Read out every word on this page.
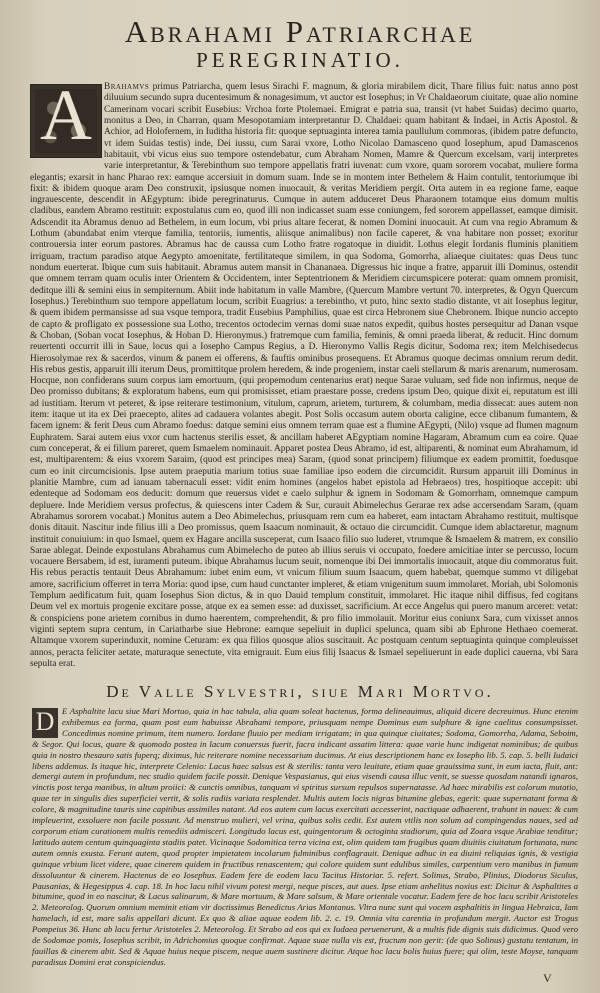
Abrahami Patriarchae
PEREGRINATIO.
A	Brahamvs primus Patriarcha, quem Iesus Sirachi F. magnum, & gloria mirabilem dicit, Thare filius fuit: natus anno post diluuium secundo supra ducentesimum & nonagesimum, vt auctor est Iosephus; in Vr Chaldaeorum ciuitate, quae alio nomine Camerinam vocari scribit Eusebius: Vrchoa forte Ptolemaei. Emigrat e patria sua, transit (vt habet Suidas) decimo quarto, monitus a Deo, in Charran, quam Mesopotamiam interpretantur D. Chaldaei: quam habitant & Indaei, in Actis Apostol. & Achior, ad Holofernem, in Iuditha historia fit: quoque septuaginta interea tamia paullulum commoras, (ibidem patre defuncto, vt idem Suidas testis) inde, Dei iussu, cum Sarai vxore, Lotho Nicolao Damasceno quod Iosephum, apud Damascenos habitauit, vbi vicus eius suo tempore ostendebatur, cum Abraham Nomen, Mamre & Quercum excelsam, varij interpretes varie interpretantur, & Terebinthum suo tempore appellatis fratri iuvenat: cum vxore, quam sororem vocabat, muliere forma elegantis; exarsit in hanc Pharao rex: eamque accersiuit in domum suam. Inde se in montem inter Bethelem & Haim contulit, tentoriumque ibi fixit: & ibidem quoque aram Deo construxit, ipsiusque nomen inuocauit, & veritas Meridiem pergit. Orta autem in ea regione fame, eaque ingrauescente, descendit in AEgyptum: ibide peregrinaturus. Cumque in autem adduceret Deus Pharaonem totamque eius domum multis cladibus, eandem Abramo restituit: expostulatus cum eo, quod illi non indicasset suam esse coniungem, fed sororem appellasset, eamque dimisit. Adscendit ita Abramus denuo ad Bethelem, in eum locum, vbi prius altare fecerat, & nomen Domini inuocauit. At cum vna regio Abramum & Lothum (abundabat enim vterque familia, tentoriis, iumentis, aliisque animalibus) non facile caperet, & vna habitare non posset; exoritur controuersia inter eorum pastores. Abramus hac de caussa cum Lotho fratre rogatoque in diuidit. Lothus elegit Iordanis fluminis planitiem irriguam, tractum paradiso atque Aegypto amoenitate, fertilitateque similem, in qua Sodoma, Gomorrha, aliaeque ciuitates: quas Deus tunc nondum euerterat. Ibique cum suis habitauit. Abramus autem mansit in Chananaea. Digressus hic inque a fratre, apparuit illi Dominus, ostendit que omnem terram quam oculis inter Orientem & Occidentem, inter Septentrionem & Meridiem circumspicere poterat: quam omnem promisit, deditque illi & semini eius in sempiternum. Abiit inde habitatum in valle Mambre, (Quercum Mambre vertunt 70. interpretes, & Ogyn Quercum Iosephus.) Terebinthum suo tempore appellatum locum, scribit Euagrius: a terebintho, vt puto, hinc sexto stadio distante, vt ait Iosephus legitur, & quem ibidem permansisse ad sua vsque tempora, tradit Eusebius Pamphilius, quae est circa Hebronem siue Chebronem. Ibique nuncio accepto de capto & profligato ex possessione sua Lotho, trecentos octodecim vernas domi suae natos expedit, quibus hostes persequitur ad Danan vsque & Choban, (Soban vocat Iosephus, & Hoban D. Hieronymus.) fratremque cum familia, feminis, & omni praeda liberat, & reducit. Hinc domum reuertenti occurrit illi in Saue, locus qui a Iosepho Campus Regius, a D. Hieronymo Vallis Regis dicitur, Sodoma rex; item Melchisedecus Hierosolymae rex & sacerdos, vinum & panem ei offerens, & fauftis ominibus prosequens. Et Abramus quoque decimas omnium rerum dedit. His rebus gestis, apparuit illi iterum Deus, promittitque prolem heredem, & inde progeniem, instar caeli stellarum & maris arenarum, numerosam. Hocque, non confiderans suum corpus iam emortuum, (qui propemodum centenarius erat) neque Sarae vuluam, sed fide non infirmus, neque de Deo promisso dubitans; & exploratum habens, eum qui promisisset, etiam praestare posse, credens ipsum Deo, quique dixit ei, reputatum est illi ad iustitiam. Iterum vt peteret, & ipse reiterare testimonium, vitulum, caprum, arietem, turturem, & columbam, media dissecat: aues autem non item: itaque ut ita ex Dei praecepto, alites ad cadauera volantes abegit. Post Solis occasum autem oborta caligine, ecce clibanum fumantem, & facem ignem: & ferit Deus cum Abramo foedus: datque semini eius omnem terram quae est a flumine AEgypti, (Nilo) vsque ad flumen magnum Euphratem. Sarai autem eius vxor cum hactenus sterilis esset, & ancillam haberet AEgyptiam nomine Hagaram, Abramum cum ea coire. Quae cum conceperat, & ei filium pareret, quem Ismaelem nominauit. Apparet postea Deus Abramo, id est, altiparenti, & nominat eum Abrahamum, id est, multiparentem: & eius vxorem Saraim, (quod est principes mea) Saram, (quod sonat principem) filiumque ex eadem promittit, foedusque cum eo init circumcisionis. Ipse autem praeputia marium totius suae familiae ipso eodem die circumcidit. Rursum apparuit illi Dominus in planitie Mambre, cum ad ianuam tabernaculi esset: vidit enim homines (angelos habet epistola ad Hebraeos) tres, hospitioque accepit: ubi edenteque ad Sodomam eos deducit: domum que reuersus videt e caelo sulphur & ignem in Sodomam & Gomorrham, omnemque campum depluere. Inde Meridiem versus profectus, & quiescens inter Cadem & Sur, curauit Abimelechus Gerarae rex adse accersendam Saram, (quam Abrahamus sororem vocabat.) Monitus autem a Deo Abimelechus, priusquam rem cum ea haberet, eam intactam Abrahamo restituit, multisque donis ditauit. Nascitur inde filius illi a Deo promissus, quem Isaacum nominauit, & octauo die circumcidit. Cumque idem ablactaretur, magnum instituit conuiuium: in quo Ismael, quem ex Hagare ancilla susceperat, cum Isaaco filio suo luderet, vtrumque & Ismaelem & matrem, ex consilio Sarae ablegat. Deinde expostulans Abrahamus cum Abimelecho de puteo ab illius seruis vi occupato, foedere amicitiae inter se percusso, locum vocauere Bersabem, id est, iuramenti puteum. ibique Abrahamus lucum seuit, nomenque ibi Dei immortalis inuocauit, atque diu commoratus fuit. His rebus peractis tentauit Deus Abrahamum: iubet enim eum, vt vnicum filium suum Isaacum, quem habebat, quemque summo vt diligebat amore, sacrificium offerret in terra Moria: quod ipse, cum haud cunctanter impleret, & etiam vnigenitum suum immolaret. Moriah, ubi Solomonis Templum aedificatum fuit, quam Iosephus Sion dictus, & in quo Dauid templum constituit, immolaret. Hic itaque nihil diffisus, fed cogitans Deum vel ex mortuis progenie excitare posse, atque ex ea semen esse: ad duxisset, sacrificium. At ecce Angelus qui puero manum arceret: vetat: & conspiciens pone arietem cornibus in dumo haerentem, comprehendit, & pro filio immolauit. Moritur eius coniunx Sara, cum vixisset annos viginti septem supra centum, in Cariatharbe siue Hebrone: eamque sepeliuit in duplici spelunca, quam sibi ab Ephrone Hethaeo coemerat. Altamque vxorem superinduxit, nomine Ceturam: ex qua filios quosque alios suscitauit. Ac postquam centum septuaginta quinque compleuisset annos, peracta feliciter aetate, maturaque senectute, vita emigrauit. Eum eius filij Isaacus & Ismael sepeliuerunt in eade duplici cauerna, vbi Sara sepulta erat.
De Valle Sylvestri, siue Mari Mortvo.
D E Asphaltite lacu siue Mari Mortuo, quia in hac tabula, alia quam soleat hactenus, forma delineauimus, aliquid dicere decreuimus. Hunc etenim exhibemus ea forma, quam post eum habuisse Abrahami tempore, priusquam nempe Dominus eum sulphure & igne caelitus consumpsisset. Concedimus nomine primum, item numero. Iordane fluuio per mediam irrigatam; in qua quinque ciuitates; Sodoma, Gomorrha, Adama, Seboim, & Segor. Qui locus, quare & quomodo postea in lacum conuersus fuerit, facra indicant assatim littera: quae varie hunc indigetat nominibus; de quibus quia in nostro thesauro satis fuperq; diximus, hic reiterare nomine necessarium ducimus. At eius descriptionem hanc ex Iosepho lib. 5. cap. 5. belli Iudaici libens addemus. Is itaque hic, interprete Celenio: Lacus haec salsus est & sterilis: tanta vero leuitate, etiam quae grauissima sunt, in eum iacta, fluit, ant: demergi autem in profundum, nec studio quidem facile possit. Denique Vespasianus, qui eius visendi causa illuc venit, se suesse quosdam natandi ignaros, vinctis post terga manibus, in altum proiici: & cunctis omnibus, tanquam vi spiritus sursum repulsos supernatasse. Ad haec mirabilis est colorum mutatio, quae ter in singulis dies superficiei vertit, & solis radiis variata resplendet. Multis autem locis nigras bitumine glebas, egerit: quae supernatant forma & colore, & magnitudine tauris sine capitibus assimiles natant. Ad eos autem cum lacus exercitati accesserint, nactiquae adhaerent, trahunt in naues: & cum impleuerint, exsoluere non facile possunt. Ad menstruo mulieri, vel vrina, quibus solis cedit. Est autem vtilis non solum ad compingendas naues, sed ad corporum etiam curationem multis remediis admisceri. Longitudo lacus est, quingentorum & octoginta stadiorum, quia ad Zoara vsque Arabiae tenditur; latitudo autem centum quinquaginta stadiis patet. Vicinaque Sodomitica terra vicina est, olim quidem tam frugibus quam diuitiis ciuitatum fortunata, nunc autem omnis exusta. Ferunt autem, quod propter impietatem incolarum fulminibus conflagrauit. Denique adhuc in ea diuini reliquias ignis, & vestigia quinque vrbium licet videre, quae cinerem quidem in fructibus renascentem; qui colore quidem sunt edulibus similes, carpentium vero manibus in fumum dissoluuntur & cinerem. Hactenus de eo Iosephus. Eadem fere de eodem lacu Tacitus Historiar. 5. refert. Solinus, Strabo, Plinius, Diodorus Siculus, Pausanias, & Hegesippus 4. cap. 18. In hoc lacu nihil vivum potest mergi, neque pisces, aut aues. Ipse etiam anhelitus noxius est: Dicitur & Asphaltites a bitumine, quod in eo nascitur, & Lacus salinarum, & Mare mortuum, & Mare salsum, & Mare orientale vocatur. Eadem fere de hoc lacu scribit Aristoteles 2. Meteorolog. Quorum omnium meminit etiam vir doctissimus Benedictus Arias Montanus. Vltra nunc sunt qui vocem asphaltitis in lingua Hebraica, Iam hamelach, id est, mare salis appellari dicunt. Ex quo & aliae aquae eodem lib. 2. c. 19. Omnia vita carentia in profundum mergit. Auctor est Trogus Pompeius 36. Hunc ab lacu fertur Aristoteles 2. Meteorolog. Et Strabo ad eos qui ex Iudaea peruenerunt, & a multis fide dignis suis didicimus. Quod vero de Sodomae pomis, Iosephus scribit, in Adrichomius quoque confirmat. Aquae suae nulla vis est, fructum non gerit: (de quo Solinus) gustatu tentatum, in fauillas & cinerem abit. Sed & Aquae huius neque piscem, neque auem sustinere dicitur. Atque hoc lacu bolis huius fuere; qui olim, teste Moyse, tanquam paradisus Domini erat conspiciendus.
V
